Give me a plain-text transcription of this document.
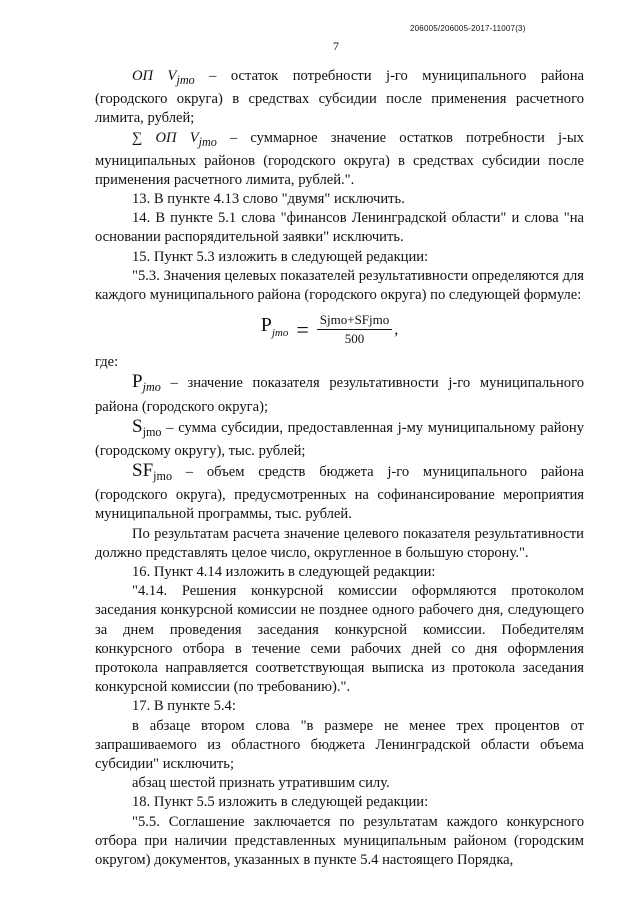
206005/206005-2017-11007(3)
7

ОП $V_{jmo}$ – остаток потребности j-го муниципального района (городского округа) в средствах субсидии после применения расчетного лимита, рублей;

∑ ОП $V_{jmo}$ – суммарное значение остатков потребности j-ых муниципальных районов (городского округа) в средствах субсидии после применения расчетного лимита, рублей.".

13. В пункте 4.13 слово "двумя" исключить.

14. В пункте 5.1 слова "финансов Ленинградской области" и слова "на основании распорядительной заявки" исключить.

15. Пункт 5.3 изложить в следующей редакции:

"5.3. Значения целевых показателей результативности определяются для каждого муниципального района (городского округа) по следующей формуле:

$P_{jmo} = \frac{\text{Sjmo+SFjmo}}{500}$ ,

где:

$P_{jmo}$ – значение показателя результативности j-го муниципального района (городского округа);

$S_{jmo}$ – сумма субсидии, предоставленная j-му муниципальному району (городскому округу), тыс. рублей;

$SF_{jmo}$ – объем средств бюджета j-го муниципального района (городского округа), предусмотренных на софинансирование мероприятия муниципальной программы, тыс. рублей.

По результатам расчета значение целевого показателя результативности должно представлять целое число, округленное в большую сторону.".

16. Пункт 4.14 изложить в следующей редакции:

"4.14. Решения конкурсной комиссии оформляются протоколом заседания конкурсной комиссии не позднее одного рабочего дня, следующего за днем проведения заседания конкурсной комиссии. Победителям конкурсного отбора в течение семи рабочих дней со дня оформления протокола направляется соответствующая выписка из протокола заседания конкурсной комиссии (по требованию).".

17. В пункте 5.4:

в абзаце втором слова "в размере не менее трех процентов от запрашиваемого из областного бюджета Ленинградской области объема субсидии" исключить;

абзац шестой признать утратившим силу.

18. Пункт 5.5 изложить в следующей редакции:

"5.5. Соглашение заключается по результатам каждого конкурсного отбора при наличии представленных муниципальным районом (городским округом) документов, указанных в пункте 5.4 настоящего Порядка,
